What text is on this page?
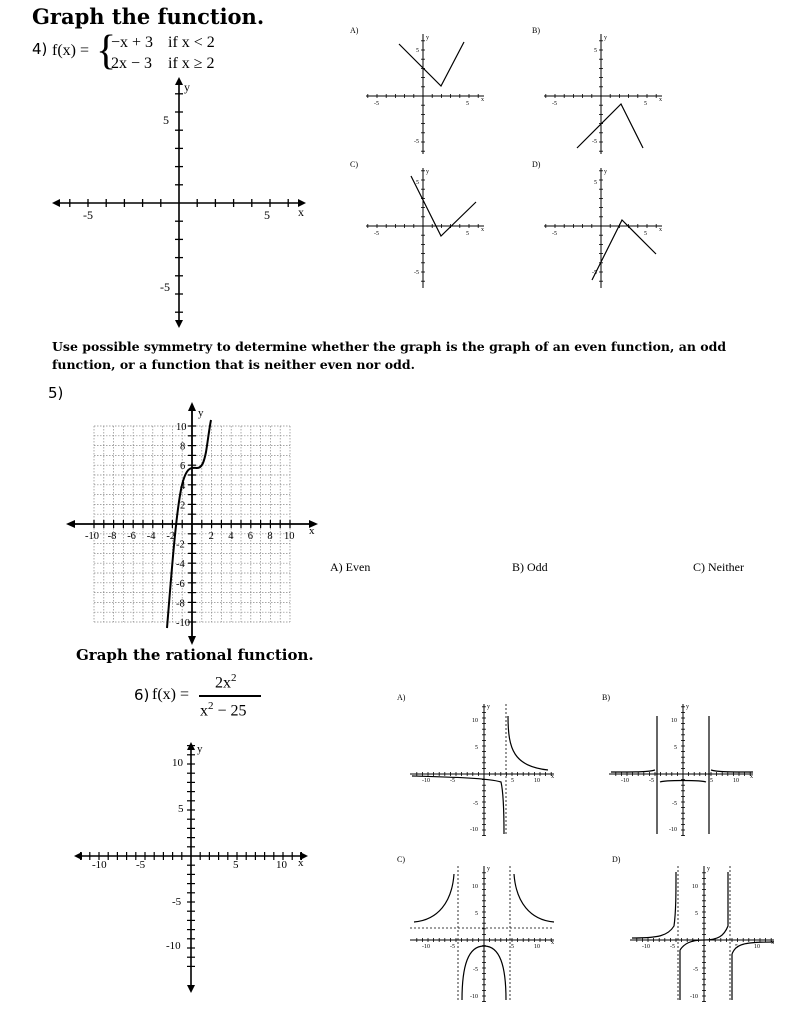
Graph the function.
4) f(x) = {
−x + 3 if x < 2
2x − 3 if x ≥ 2
x
y
-5	5
5
-5
A)
x
y
-5	5
5
-5
B)
x
y
-5	5
5
-5
C)
x
y
-5	5
5
-5
D)
x
y
-5	5
5
-5
Use possible symmetry to determine whether the graph is the graph of an even function, an odd function, or a function that is neither even nor odd.
5)
x
y
-10 -8 -6 -4 -2	2 4 6 8 10
10
8
6
4
2
-2
-4
-6
-8
-10
A) Even	B) Odd	C) Neither
Graph the rational function.
6) f(x) =
$2x^2$
$x^2 - 25$
x
y
-10	-5	5	10
10
5
-5
-10
A)
x
y
-10	-5	5	10
10
5
-5
-10
B)
x
y
-10	-5	5	10
10
5
-5
-10
C)
x
y
-10	-5	5	10
10
5
-5
-10
D)
x
y
-10	-5	5	10
10
5
-5
-10
